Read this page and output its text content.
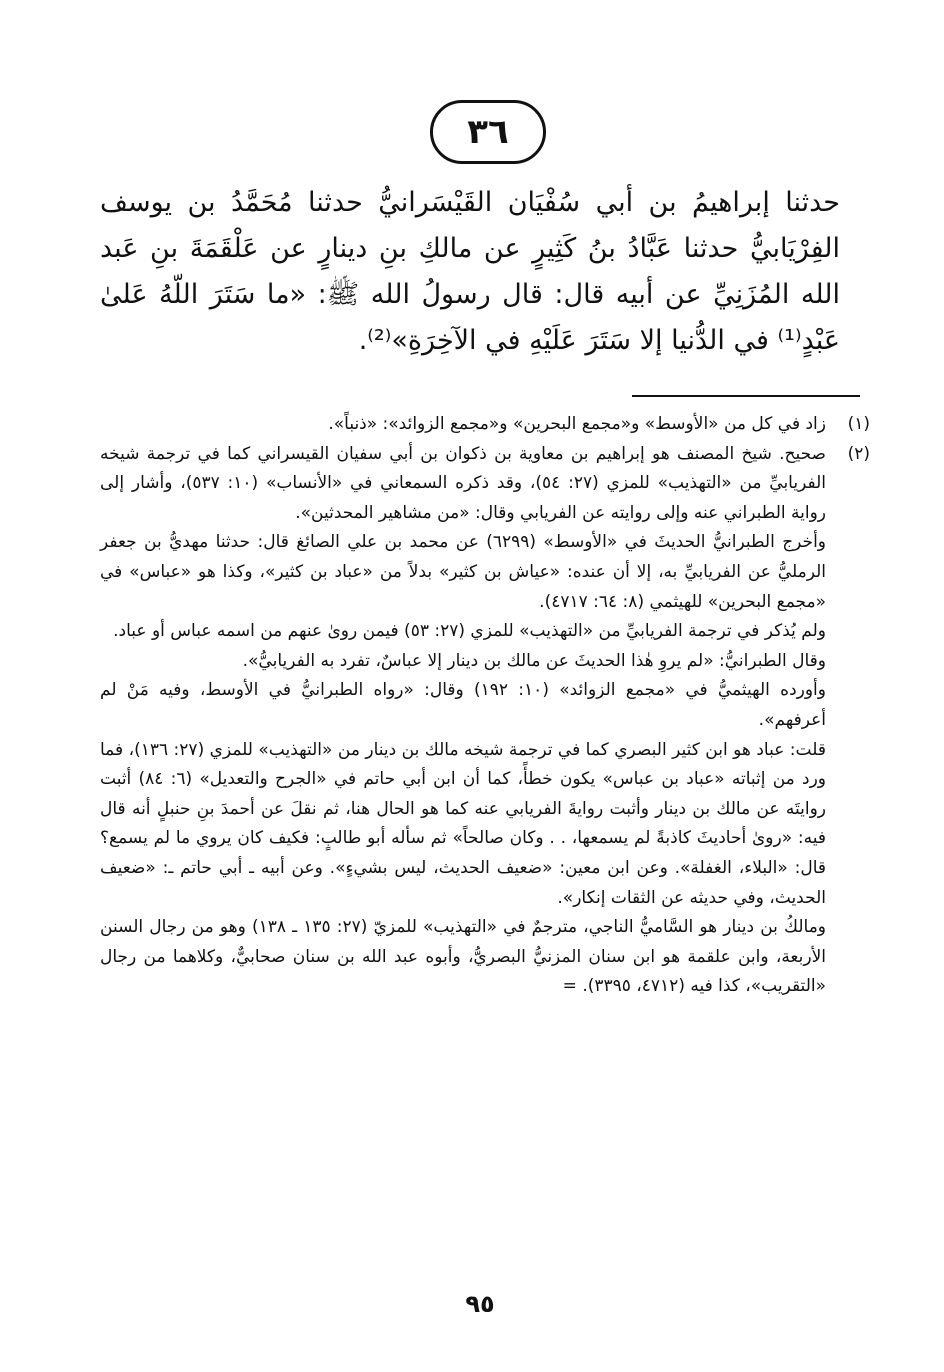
٣٦

حدثنا إبراهيمُ بن أبي سُفْيَان القَيْسَرانيُّ حدثنا مُحَمَّدُ بن يوسف الفِرْيَابيُّ حدثنا عَبَّادُ بنُ كَثِيرٍ عن مالكِ بنِ دينارٍ عن عَلْقَمَةَ بنِ عَبد الله المُزَنِيِّ عن أبيه قال: قال رسولُ الله ﷺ: «ما سَتَرَ اللّهُ عَلىٰ عَبْدٍ⁽¹⁾ في الدُّنيا إلا سَتَرَ عَلَيْهِ في الآخِرَةِ»⁽²⁾.

(١)

زاد في كل من «الأوسط» و«مجمع البحرين» و«مجمع الزوائد»: «ذنباً».

(٢)

صحيح. شيخ المصنف هو إبراهيم بن معاوية بن ذكوان بن أبي سفيان القيسراني كما في ترجمة شيخه الفريابيِّ من «التهذيب» للمزي (٢٧: ٥٤)، وقد ذكره السمعاني في «الأنساب» (١٠: ٥٣٧)، وأشار إلى رواية الطبراني عنه وإلى روايته عن الفريابي وقال: «من مشاهير المحدثين».

وأخرج الطبرانيُّ الحديثَ في «الأوسط» (٦٢٩٩) عن محمد بن علي الصائغ قال: حدثنا مهديُّ بن جعفر الرمليُّ عن الفريابيِّ به، إلا أن عنده: «عياش بن كثير» بدلاً من «عباد بن كثير»، وكذا هو «عباس» في «مجمع البحرين» للهيثمي (٨: ٦٤: ٤٧١٧).

ولم يُذكر في ترجمة الفريابيِّ من «التهذيب» للمزي (٢٧: ٥٣) فيمن روىٰ عنهم من اسمه عباس أو عباد.

وقال الطبرانيُّ: «لم يروِ هٰذا الحديثَ عن مالك بن دينار إلا عباسٌ، تفرد به الفريابيُّ».

وأورده الهيثميُّ في «مجمع الزوائد» (١٠: ١٩٢) وقال: «رواه الطبرانيُّ في الأوسط، وفيه مَنْ لم أعرفهم».

قلت: عباد هو ابن كثير البصري كما في ترجمة شيخه مالك بن دينار من «التهذيب» للمزي (٢٧: ١٣٦)، فما ورد من إثباته «عباد بن عباس» يكون خطأً، كما أن ابن أبي حاتم في «الجرح والتعديل» (٦: ٨٤) أثبت روايتَه عن مالك بن دينار وأثبت روايةَ الفريابي عنه كما هو الحال هنا، ثم نقلَ عن أحمدَ بنِ حنبلٍ أنه قال فيه: «روىٰ أحاديثَ كاذبةً لم يسمعها، . . وكان صالحاً» ثم سأله أبو طالبٍ: فكيف كان يروي ما لم يسمع؟ قال: «البلاء، الغفلة». وعن ابن معين: «ضعيف الحديث، ليس بشيءٍ». وعن أبيه ـ أبي حاتم ـ: «ضعيف الحديث، وفي حديثه عن الثقات إنكار».

ومالكُ بن دينار هو السَّاميُّ الناجي، مترجمٌ في «التهذيب» للمزيّ (٢٧: ١٣٥ ـ ١٣٨) وهو من رجال السنن الأربعة، وابن علقمة هو ابن سنان المزنيُّ البصريُّ، وأبوه عبد الله بن سنان صحابيٌّ، وكلاهما من رجال «التقريب»، كذا فيه (٤٧١٢، ٣٣٩٥). =

٩٥
